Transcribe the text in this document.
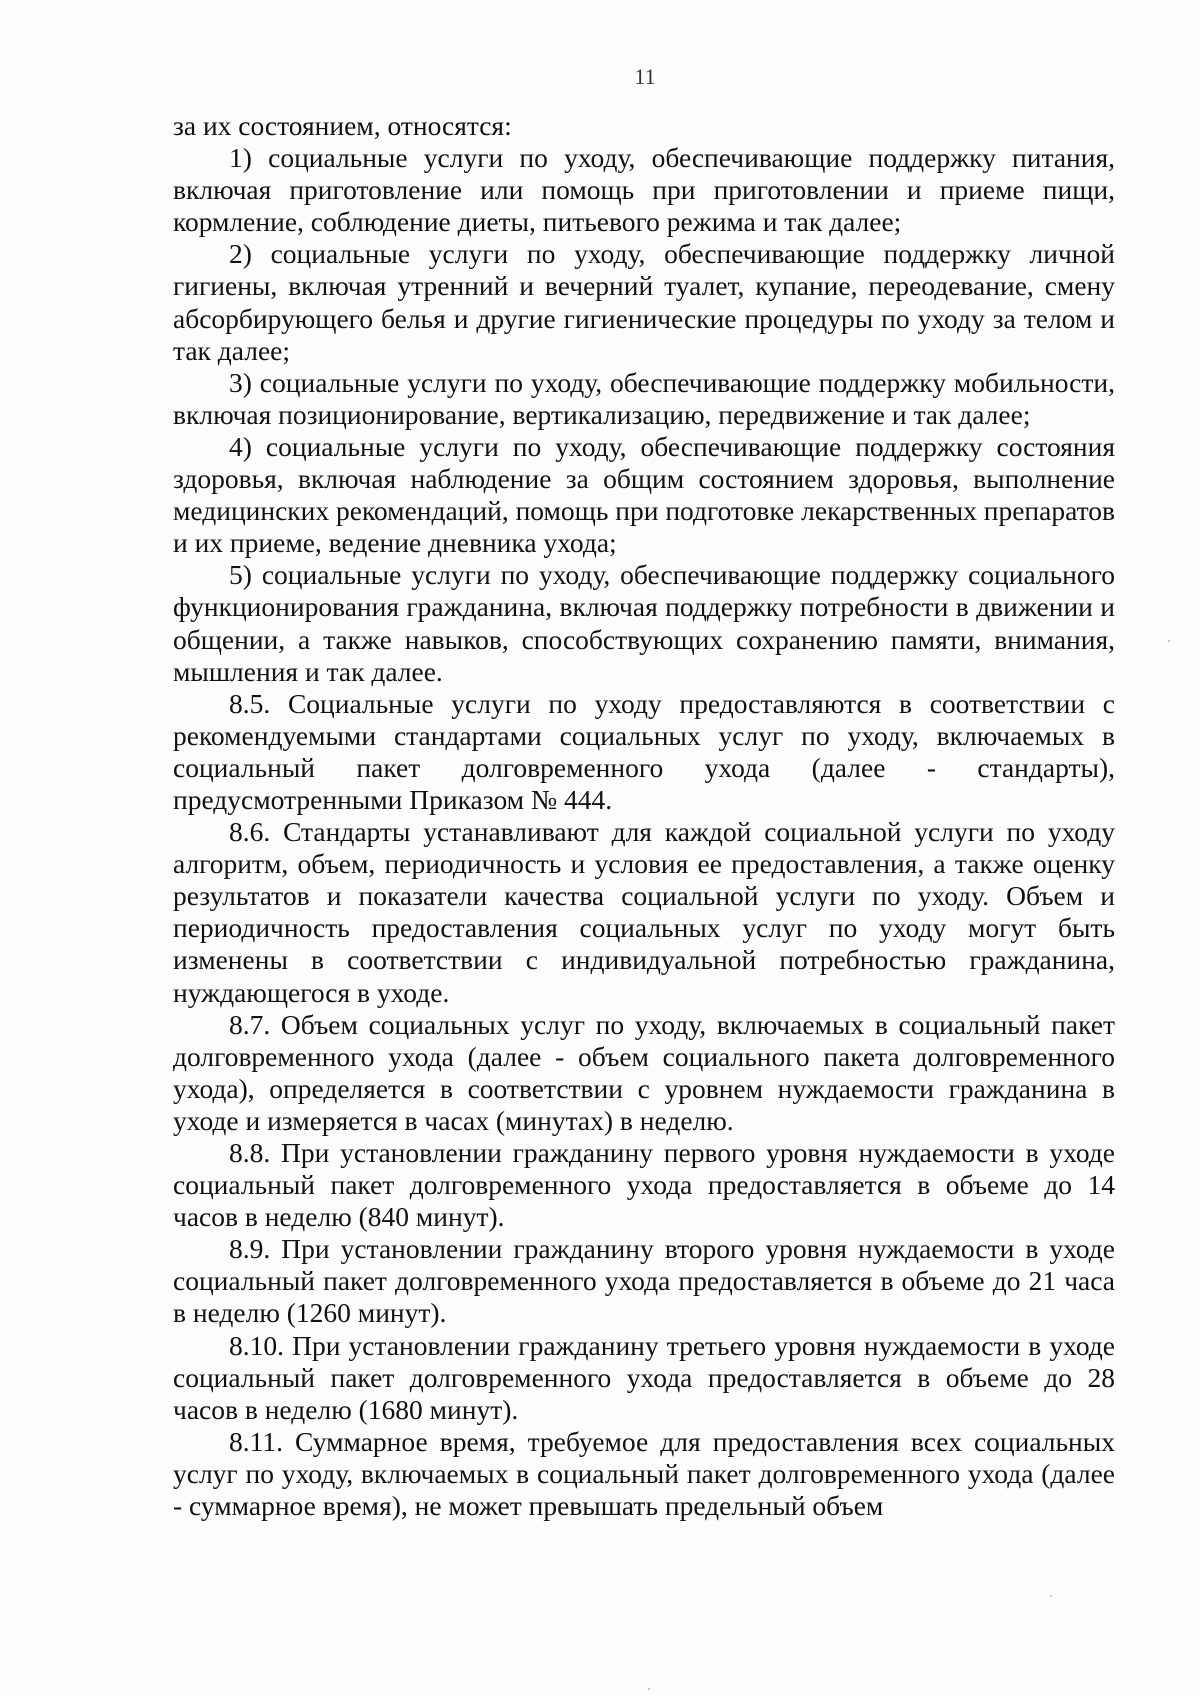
11

за их состоянием, относятся:

1) социальные услуги по уходу, обеспечивающие поддержку питания, включая приготовление или помощь при приготовлении и приеме пищи, кормление, соблюдение диеты, питьевого режима и так далее;

2) социальные услуги по уходу, обеспечивающие поддержку личной гигиены, включая утренний и вечерний туалет, купание, переодевание, смену абсорбирующего белья и другие гигиенические процедуры по уходу за телом и так далее;

3) социальные услуги по уходу, обеспечивающие поддержку мобильности, включая позиционирование, вертикализацию, передвижение и так далее;

4) социальные услуги по уходу, обеспечивающие поддержку состояния здоровья, включая наблюдение за общим состоянием здоровья, выполнение медицинских рекомендаций, помощь при подготовке лекарственных препаратов и их приеме, ведение дневника ухода;

5) социальные услуги по уходу, обеспечивающие поддержку социального функционирования гражданина, включая поддержку потребности в движении и общении, а также навыков, способствующих сохранению памяти, внимания, мышления и так далее.

8.5. Социальные услуги по уходу предоставляются в соответствии с рекомендуемыми стандартами социальных услуг по уходу, включаемых в социальный пакет долговременного ухода (далее - стандарты), предусмотренными Приказом № 444.

8.6. Стандарты устанавливают для каждой социальной услуги по уходу алгоритм, объем, периодичность и условия ее предоставления, а также оценку результатов и показатели качества социальной услуги по уходу. Объем и периодичность предоставления социальных услуг по уходу могут быть изменены в соответствии с индивидуальной потребностью гражданина, нуждающегося в уходе.

8.7. Объем социальных услуг по уходу, включаемых в социальный пакет долговременного ухода (далее - объем социального пакета долговременного ухода), определяется в соответствии с уровнем нуждаемости гражданина в уходе и измеряется в часах (минутах) в неделю.

8.8. При установлении гражданину первого уровня нуждаемости в уходе социальный пакет долговременного ухода предоставляется в объеме до 14 часов в неделю (840 минут).

8.9. При установлении гражданину второго уровня нуждаемости в уходе социальный пакет долговременного ухода предоставляется в объеме до 21 часа в неделю (1260 минут).

8.10. При установлении гражданину третьего уровня нуждаемости в уходе социальный пакет долговременного ухода предоставляется в объеме до 28 часов в неделю (1680 минут).

8.11. Суммарное время, требуемое для предоставления всех социальных услуг по уходу, включаемых в социальный пакет долговременного ухода (далее - суммарное время), не может превышать предельный объем
